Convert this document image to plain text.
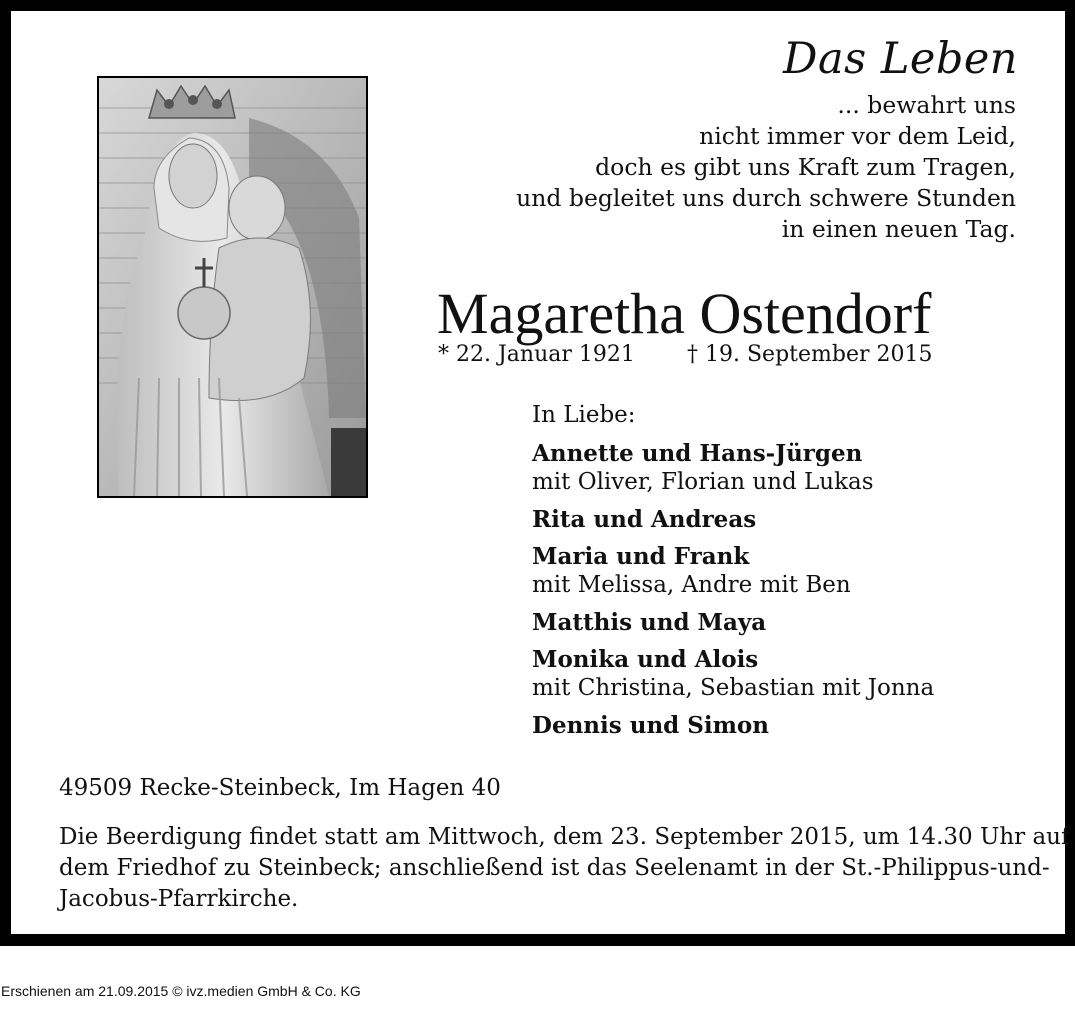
Das Leben
... bewahrt uns
nicht immer vor dem Leid,
doch es gibt uns Kraft zum Tragen,
und begleitet uns durch schwere Stunden
in einen neuen Tag.
Magaretha Ostendorf
* 22. Januar 1921 † 19. September 2015
In Liebe:
Annette und Hans-Jürgen
mit Oliver, Florian und Lukas
Rita und Andreas
Maria und Frank
mit Melissa, Andre mit Ben
Matthis und Maya
Monika und Alois
mit Christina, Sebastian mit Jonna
Dennis und Simon
49509 Recke-Steinbeck, Im Hagen 40
Die Beerdigung findet statt am Mittwoch, dem 23. September 2015, um 14.30 Uhr auf
dem Friedhof zu Steinbeck; anschließend ist das Seelenamt in der St.-Philippus-und-
Jacobus-Pfarrkirche.
Erschienen am 21.09.2015 © ivz.medien GmbH & Co. KG
